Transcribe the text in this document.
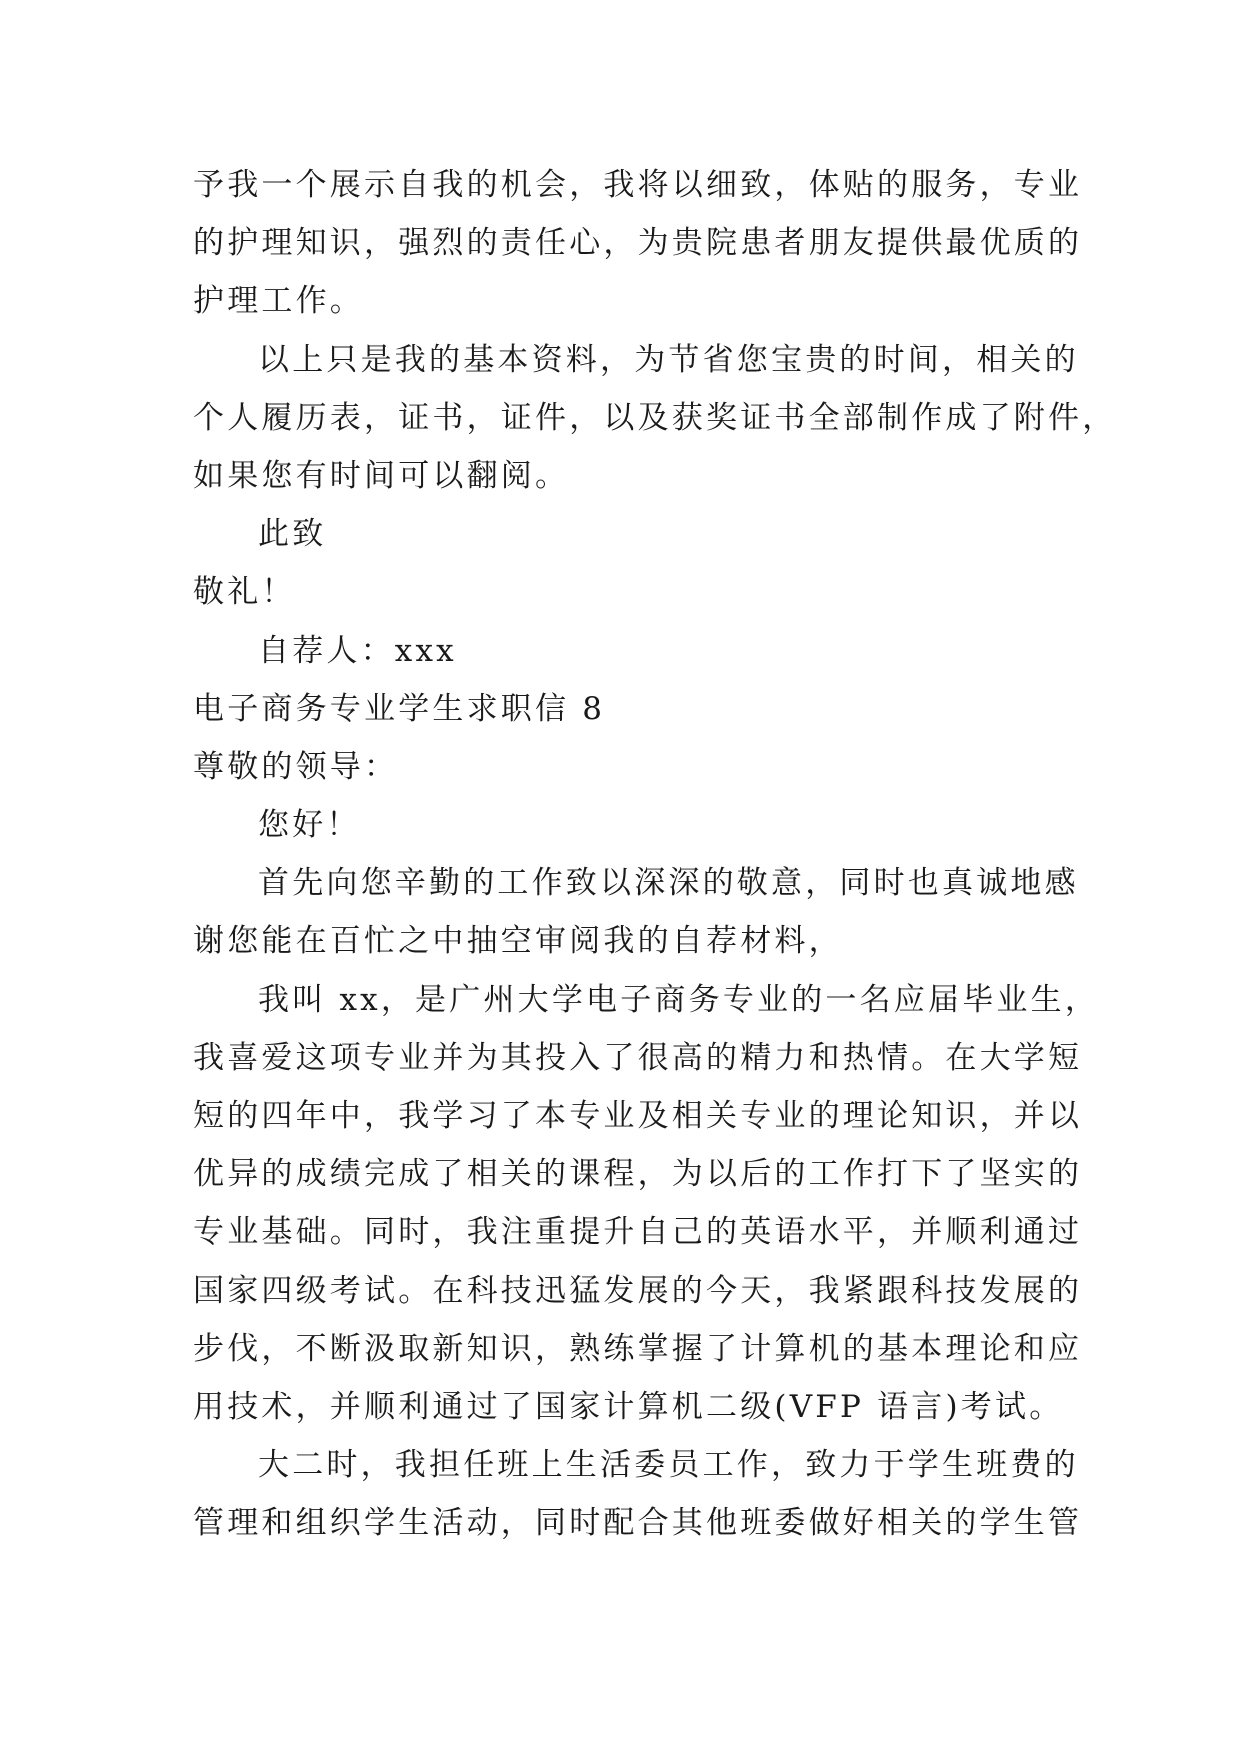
予我一个展示自我的机会，我将以细致，体贴的服务，专业
的护理知识，强烈的责任心，为贵院患者朋友提供最优质的
护理工作。
以上只是我的基本资料，为节省您宝贵的时间，相关的
个人履历表，证书，证件，以及获奖证书全部制作成了附件，
如果您有时间可以翻阅。
此致
敬礼！
自荐人：xxx
电子商务专业学生求职信 8
尊敬的领导：
您好！
首先向您辛勤的工作致以深深的敬意，同时也真诚地感
谢您能在百忙之中抽空审阅我的自荐材料，
我叫 xx，是广州大学电子商务专业的一名应届毕业生，
我喜爱这项专业并为其投入了很高的精力和热情。在大学短
短的四年中，我学习了本专业及相关专业的理论知识，并以
优异的成绩完成了相关的课程，为以后的工作打下了坚实的
专业基础。同时，我注重提升自己的英语水平，并顺利通过
国家四级考试。在科技迅猛发展的今天，我紧跟科技发展的
步伐，不断汲取新知识，熟练掌握了计算机的基本理论和应
用技术，并顺利通过了国家计算机二级(VFP 语言)考试。
大二时，我担任班上生活委员工作，致力于学生班费的
管理和组织学生活动，同时配合其他班委做好相关的学生管
